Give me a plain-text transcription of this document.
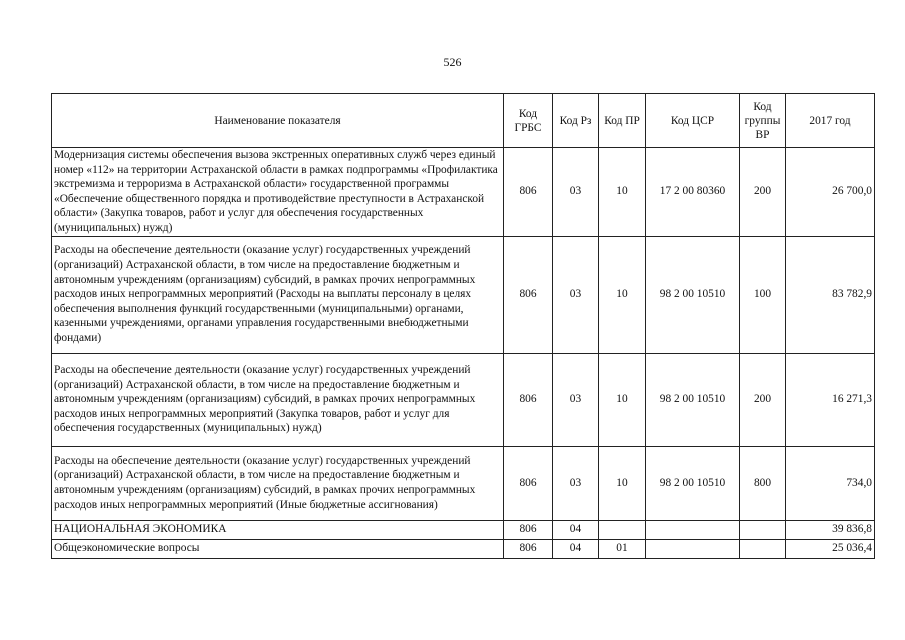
526
Наименование показателя	Код ГРБС	Код Рз	Код ПР	Код ЦСР	Код группы ВР	2017 год
Модернизация системы обеспечения вызова экстренных оперативных служб через единый номер «112» на территории Астраханской области в рамках подпрограммы «Профилактика экстремизма и терроризма в Астраханской области» государственной программы «Обеспечение общественного порядка и противодействие преступности в Астраханской области» (Закупка товаров, работ и услуг для обеспечения государственных (муниципальных) нужд)	806	03	10	17 2 00 80360	200	26 700,0
Расходы на обеспечение деятельности (оказание услуг) государственных учреждений (организаций) Астраханской области, в том числе на предоставление бюджетным и автономным учреждениям (организациям) субсидий, в рамках прочих непрограммных расходов иных непрограммных мероприятий (Расходы на выплаты персоналу в целях обеспечения выполнения функций государственными (муниципальными) органами, казенными учреждениями, органами управления государственными внебюджетными фондами)	806	03	10	98 2 00 10510	100	83 782,9
Расходы на обеспечение деятельности (оказание услуг) государственных учреждений (организаций) Астраханской области, в том числе на предоставление бюджетным и автономным учреждениям (организациям) субсидий, в рамках прочих непрограммных расходов иных непрограммных мероприятий (Закупка товаров, работ и услуг для обеспечения государственных (муниципальных) нужд)	806	03	10	98 2 00 10510	200	16 271,3
Расходы на обеспечение деятельности (оказание услуг) государственных учреждений (организаций) Астраханской области, в том числе на предоставление бюджетным и автономным учреждениям (организациям) субсидий, в рамках прочих непрограммных расходов иных непрограммных мероприятий (Иные бюджетные ассигнования)	806	03	10	98 2 00 10510	800	734,0
НАЦИОНАЛЬНАЯ ЭКОНОМИКА	806	04				39 836,8
Общеэкономические вопросы	806	04	01			25 036,4
